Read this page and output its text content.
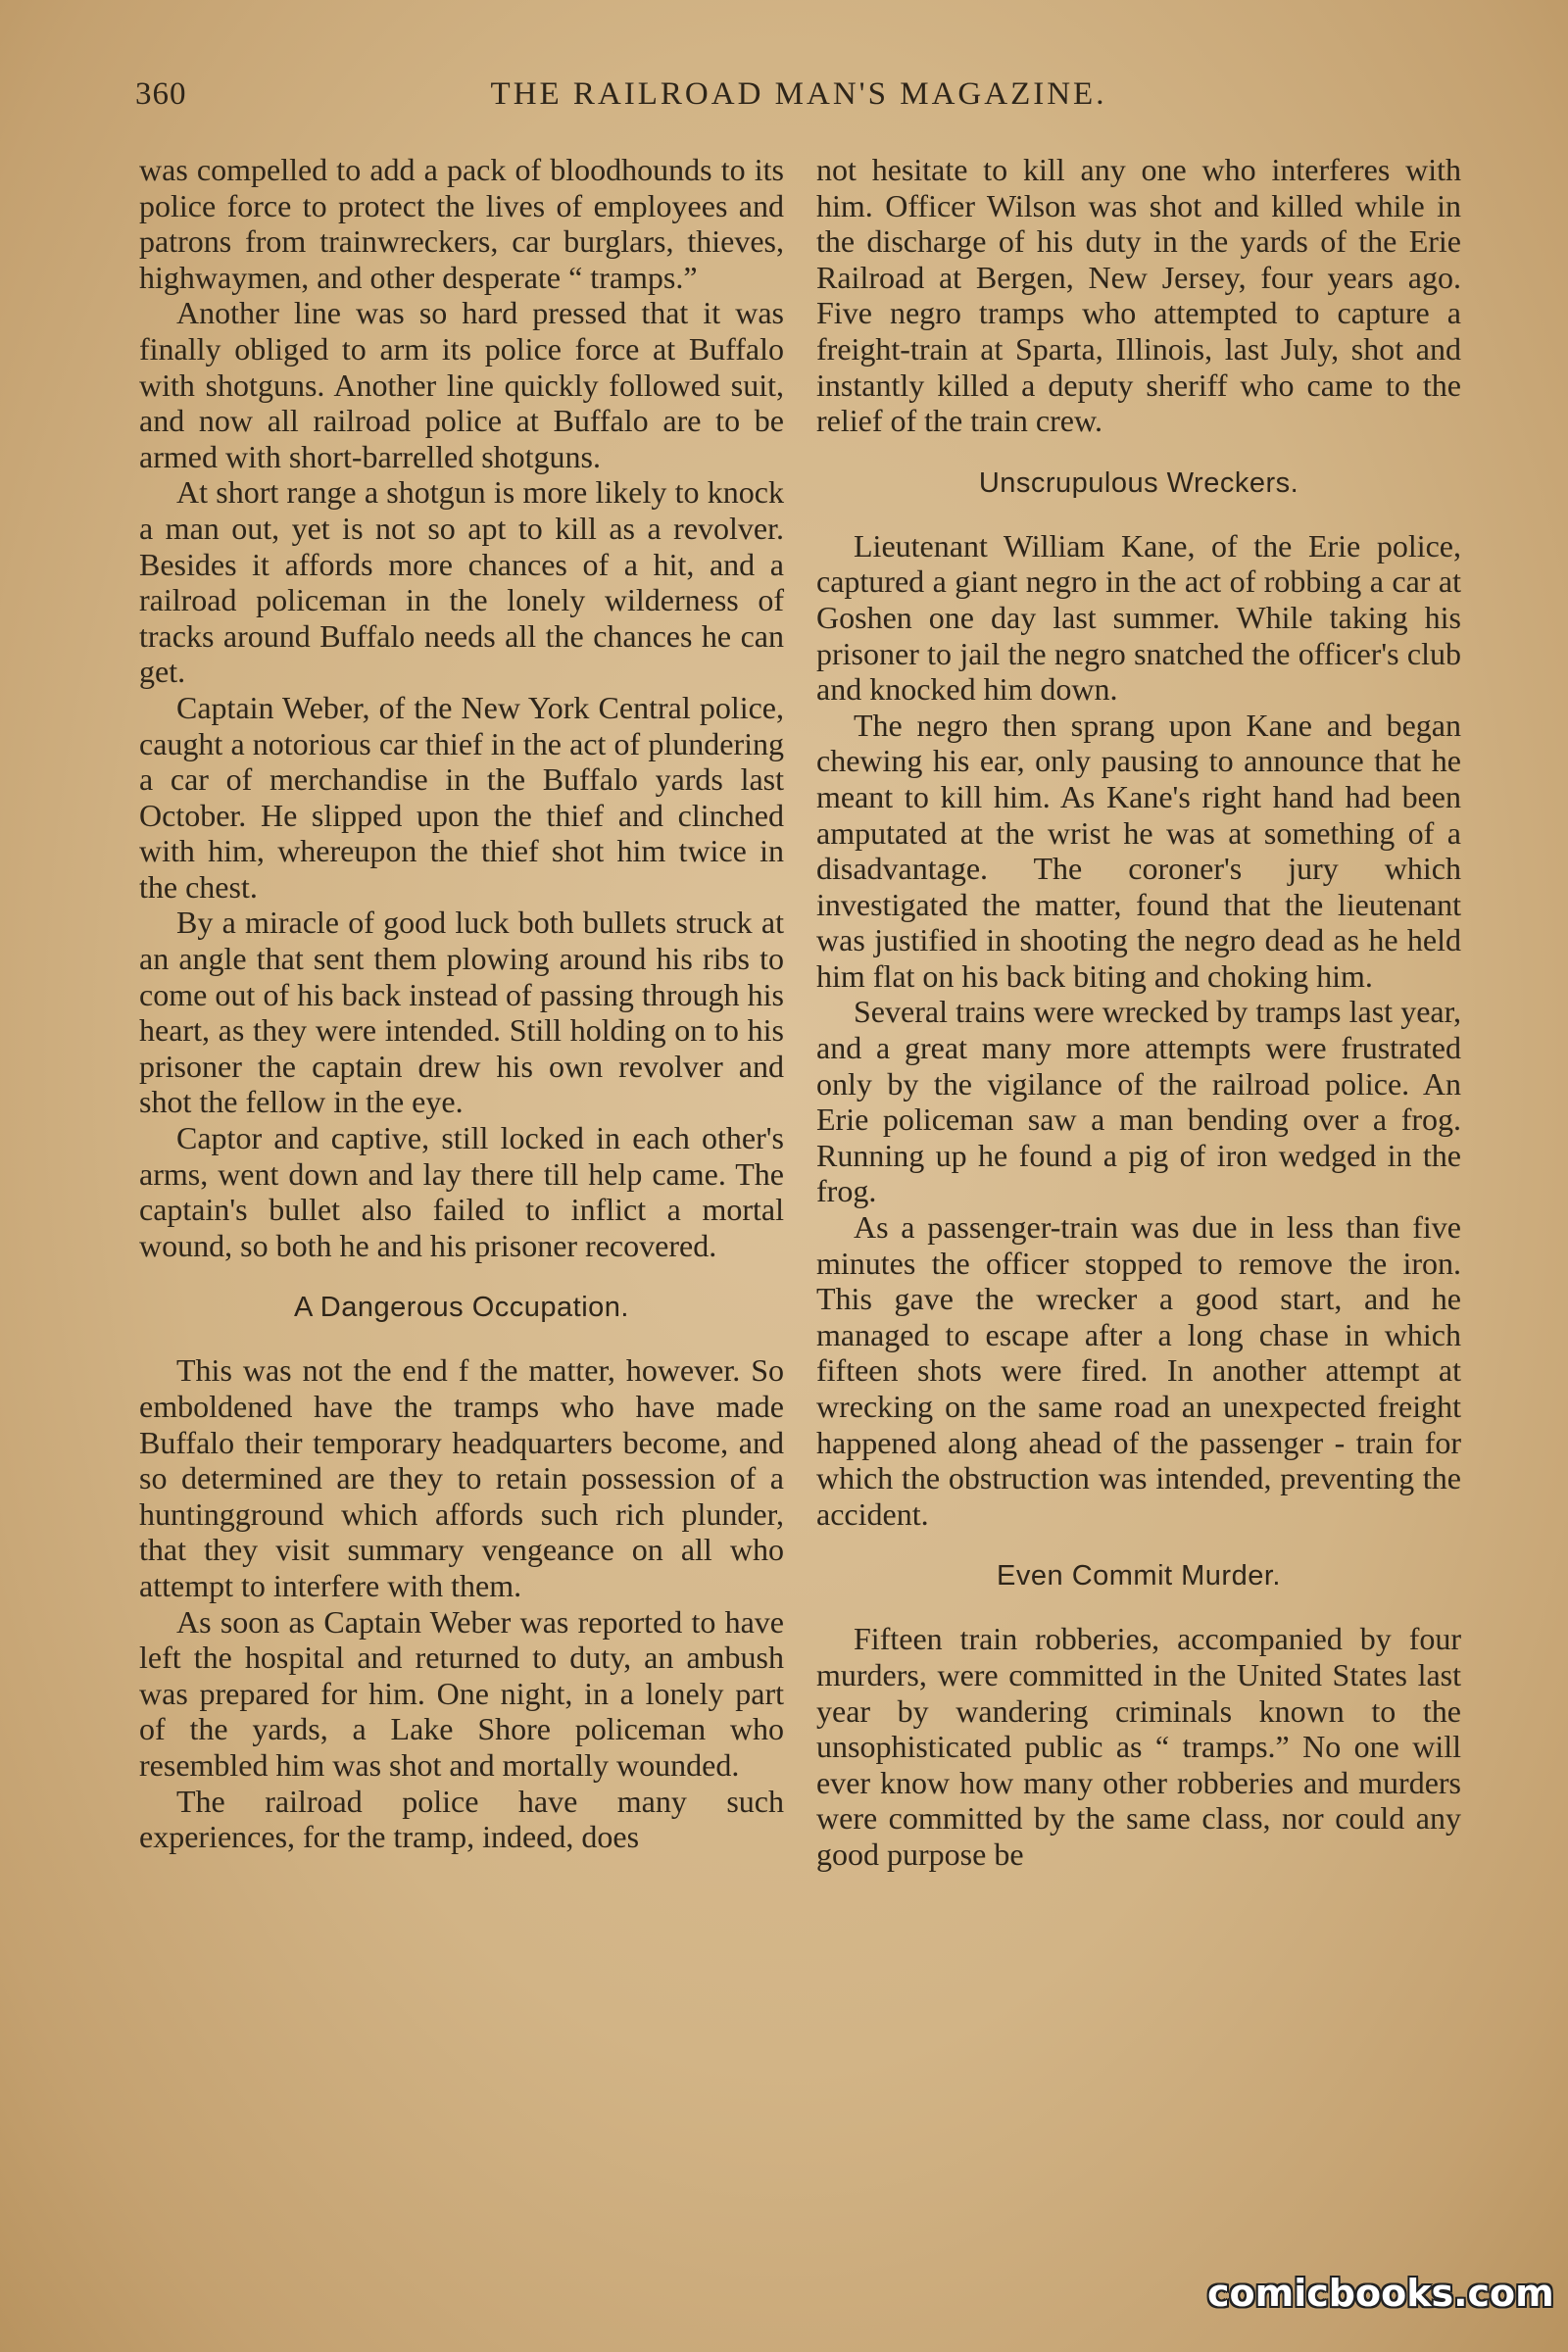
360	THE RAILROAD MAN'S MAGAZINE.

was compelled to add a pack of bloodhounds to its police force to protect the lives of employees and patrons from trainwreckers, car burglars, thieves, highwaymen, and other desperate “ tramps.”

Another line was so hard pressed that it was finally obliged to arm its police force at Buffalo with shotguns. Another line quickly followed suit, and now all railroad police at Buffalo are to be armed with short-barrelled shotguns.

At short range a shotgun is more likely to knock a man out, yet is not so apt to kill as a revolver. Besides it affords more chances of a hit, and a railroad policeman in the lonely wilderness of tracks around Buffalo needs all the chances he can get.

Captain Weber, of the New York Central police, caught a notorious car thief in the act of plundering a car of merchandise in the Buffalo yards last October. He slipped upon the thief and clinched with him, whereupon the thief shot him twice in the chest.

By a miracle of good luck both bullets struck at an angle that sent them plowing around his ribs to come out of his back instead of passing through his heart, as they were intended. Still holding on to his prisoner the captain drew his own revolver and shot the fellow in the eye.

Captor and captive, still locked in each other's arms, went down and lay there till help came. The captain's bullet also failed to inflict a mortal wound, so both he and his prisoner recovered.

A Dangerous Occupation.

This was not the end f the matter, however. So emboldened have the tramps who have made Buffalo their temporary headquarters become, and so determined are they to retain possession of a huntingground which affords such rich plunder, that they visit summary vengeance on all who attempt to interfere with them.

As soon as Captain Weber was reported to have left the hospital and returned to duty, an ambush was prepared for him. One night, in a lonely part of the yards, a Lake Shore policeman who resembled him was shot and mortally wounded.

The railroad police have many such experiences, for the tramp, indeed, does

not hesitate to kill any one who interferes with him. Officer Wilson was shot and killed while in the discharge of his duty in the yards of the Erie Railroad at Bergen, New Jersey, four years ago. Five negro tramps who attempted to capture a freight-train at Sparta, Illinois, last July, shot and instantly killed a deputy sheriff who came to the relief of the train crew.

Unscrupulous Wreckers.

Lieutenant William Kane, of the Erie police, captured a giant negro in the act of robbing a car at Goshen one day last summer. While taking his prisoner to jail the negro snatched the officer's club and knocked him down.

The negro then sprang upon Kane and began chewing his ear, only pausing to announce that he meant to kill him. As Kane's right hand had been amputated at the wrist he was at something of a disadvantage. The coroner's jury which investigated the matter, found that the lieutenant was justified in shooting the negro dead as he held him flat on his back biting and choking him.

Several trains were wrecked by tramps last year, and a great many more attempts were frustrated only by the vigilance of the railroad police. An Erie policeman saw a man bending over a frog. Running up he found a pig of iron wedged in the frog.

As a passenger-train was due in less than five minutes the officer stopped to remove the iron. This gave the wrecker a good start, and he managed to escape after a long chase in which fifteen shots were fired. In another attempt at wrecking on the same road an unexpected freight happened along ahead of the passenger - train for which the obstruction was intended, preventing the accident.

Even Commit Murder.

Fifteen train robberies, accompanied by four murders, were committed in the United States last year by wandering criminals known to the unsophisticated public as “ tramps.” No one will ever know how many other robberies and murders were committed by the same class, nor could any good purpose be

comicbooks.com
